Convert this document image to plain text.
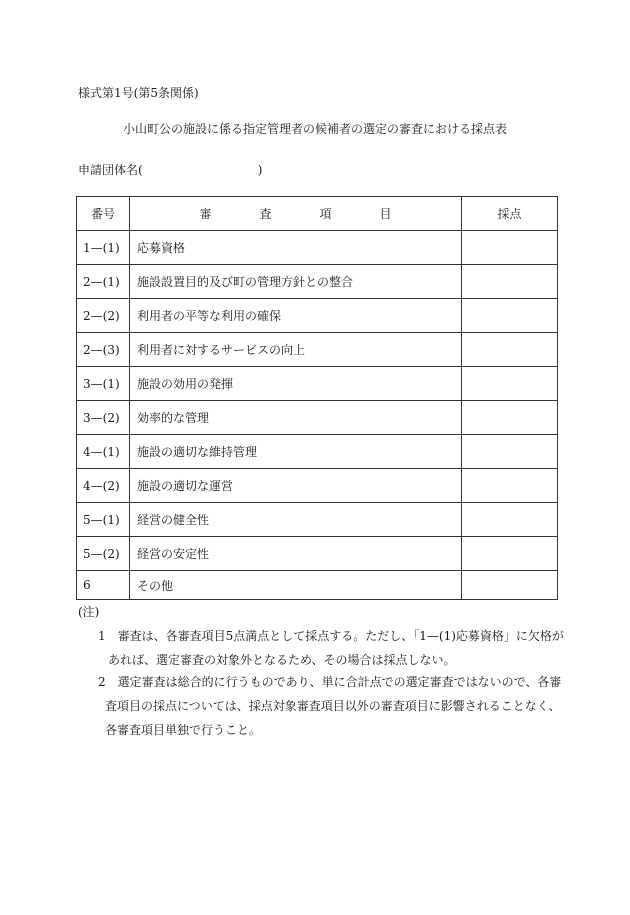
様式第1号(第5条関係)
小山町公の施設に係る指定管理者の候補者の選定の審査における採点表
申請団体名(	)
番号	審　査　項　目	採点
1—(1)	応募資格	
2—(1)	施設設置目的及び町の管理方針との整合	
2—(2)	利用者の平等な利用の確保	
2—(3)	利用者に対するサービスの向上	
3—(1)	施設の効用の発揮	
3—(2)	効率的な管理	
4—(1)	施設の適切な維持管理	
4—(2)	施設の適切な運営	
5—(1)	経営の健全性	
5—(2)	経営の安定性	
6	その他	
(注)
1　審査は、各審査項目5点満点として採点する。ただし、「1—(1)応募資格」に欠格が
あれば、選定審査の対象外となるため、その場合は採点しない。
2　選定審査は総合的に行うものであり、単に合計点での選定審査ではないので、各審
査項目の採点については、採点対象審査項目以外の審査項目に影響されることなく、
各審査項目単独で行うこと。
